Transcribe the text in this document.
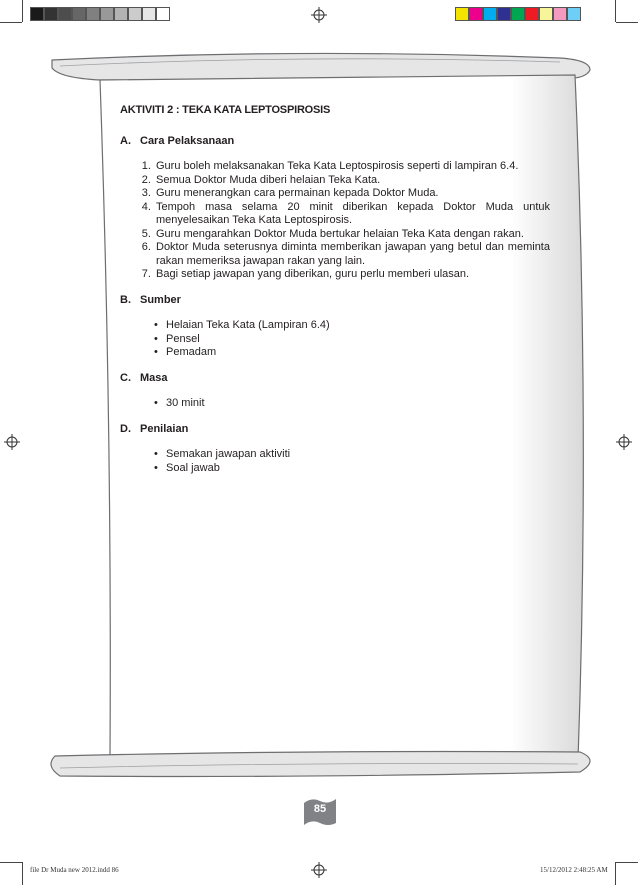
AKTIVITI 2 : TEKA KATA LEPTOSPIROSIS

A. Cara Pelaksanaan

1. Guru boleh melaksanakan Teka Kata Leptospirosis seperti di lampiran 6.4.
2. Semua Doktor Muda diberi helaian Teka Kata.
3. Guru menerangkan cara permainan kepada Doktor Muda.
4. Tempoh masa selama 20 minit diberikan kepada Doktor Muda untuk menyelesaikan Teka Kata Leptospirosis.
5. Guru mengarahkan Doktor Muda bertukar helaian Teka Kata dengan rakan.
6. Doktor Muda seterusnya diminta memberikan jawapan yang betul dan meminta rakan memeriksa jawapan rakan yang lain.
7. Bagi setiap jawapan yang diberikan, guru perlu memberi ulasan.

B. Sumber

• Helaian Teka Kata (Lampiran 6.4)
• Pensel
• Pemadam

C. Masa

• 30 minit

D. Penilaian

• Semakan jawapan aktiviti
• Soal jawab
85
file Dr Muda new 2012.indd 86	15/12/2012 2:48:25 AM
